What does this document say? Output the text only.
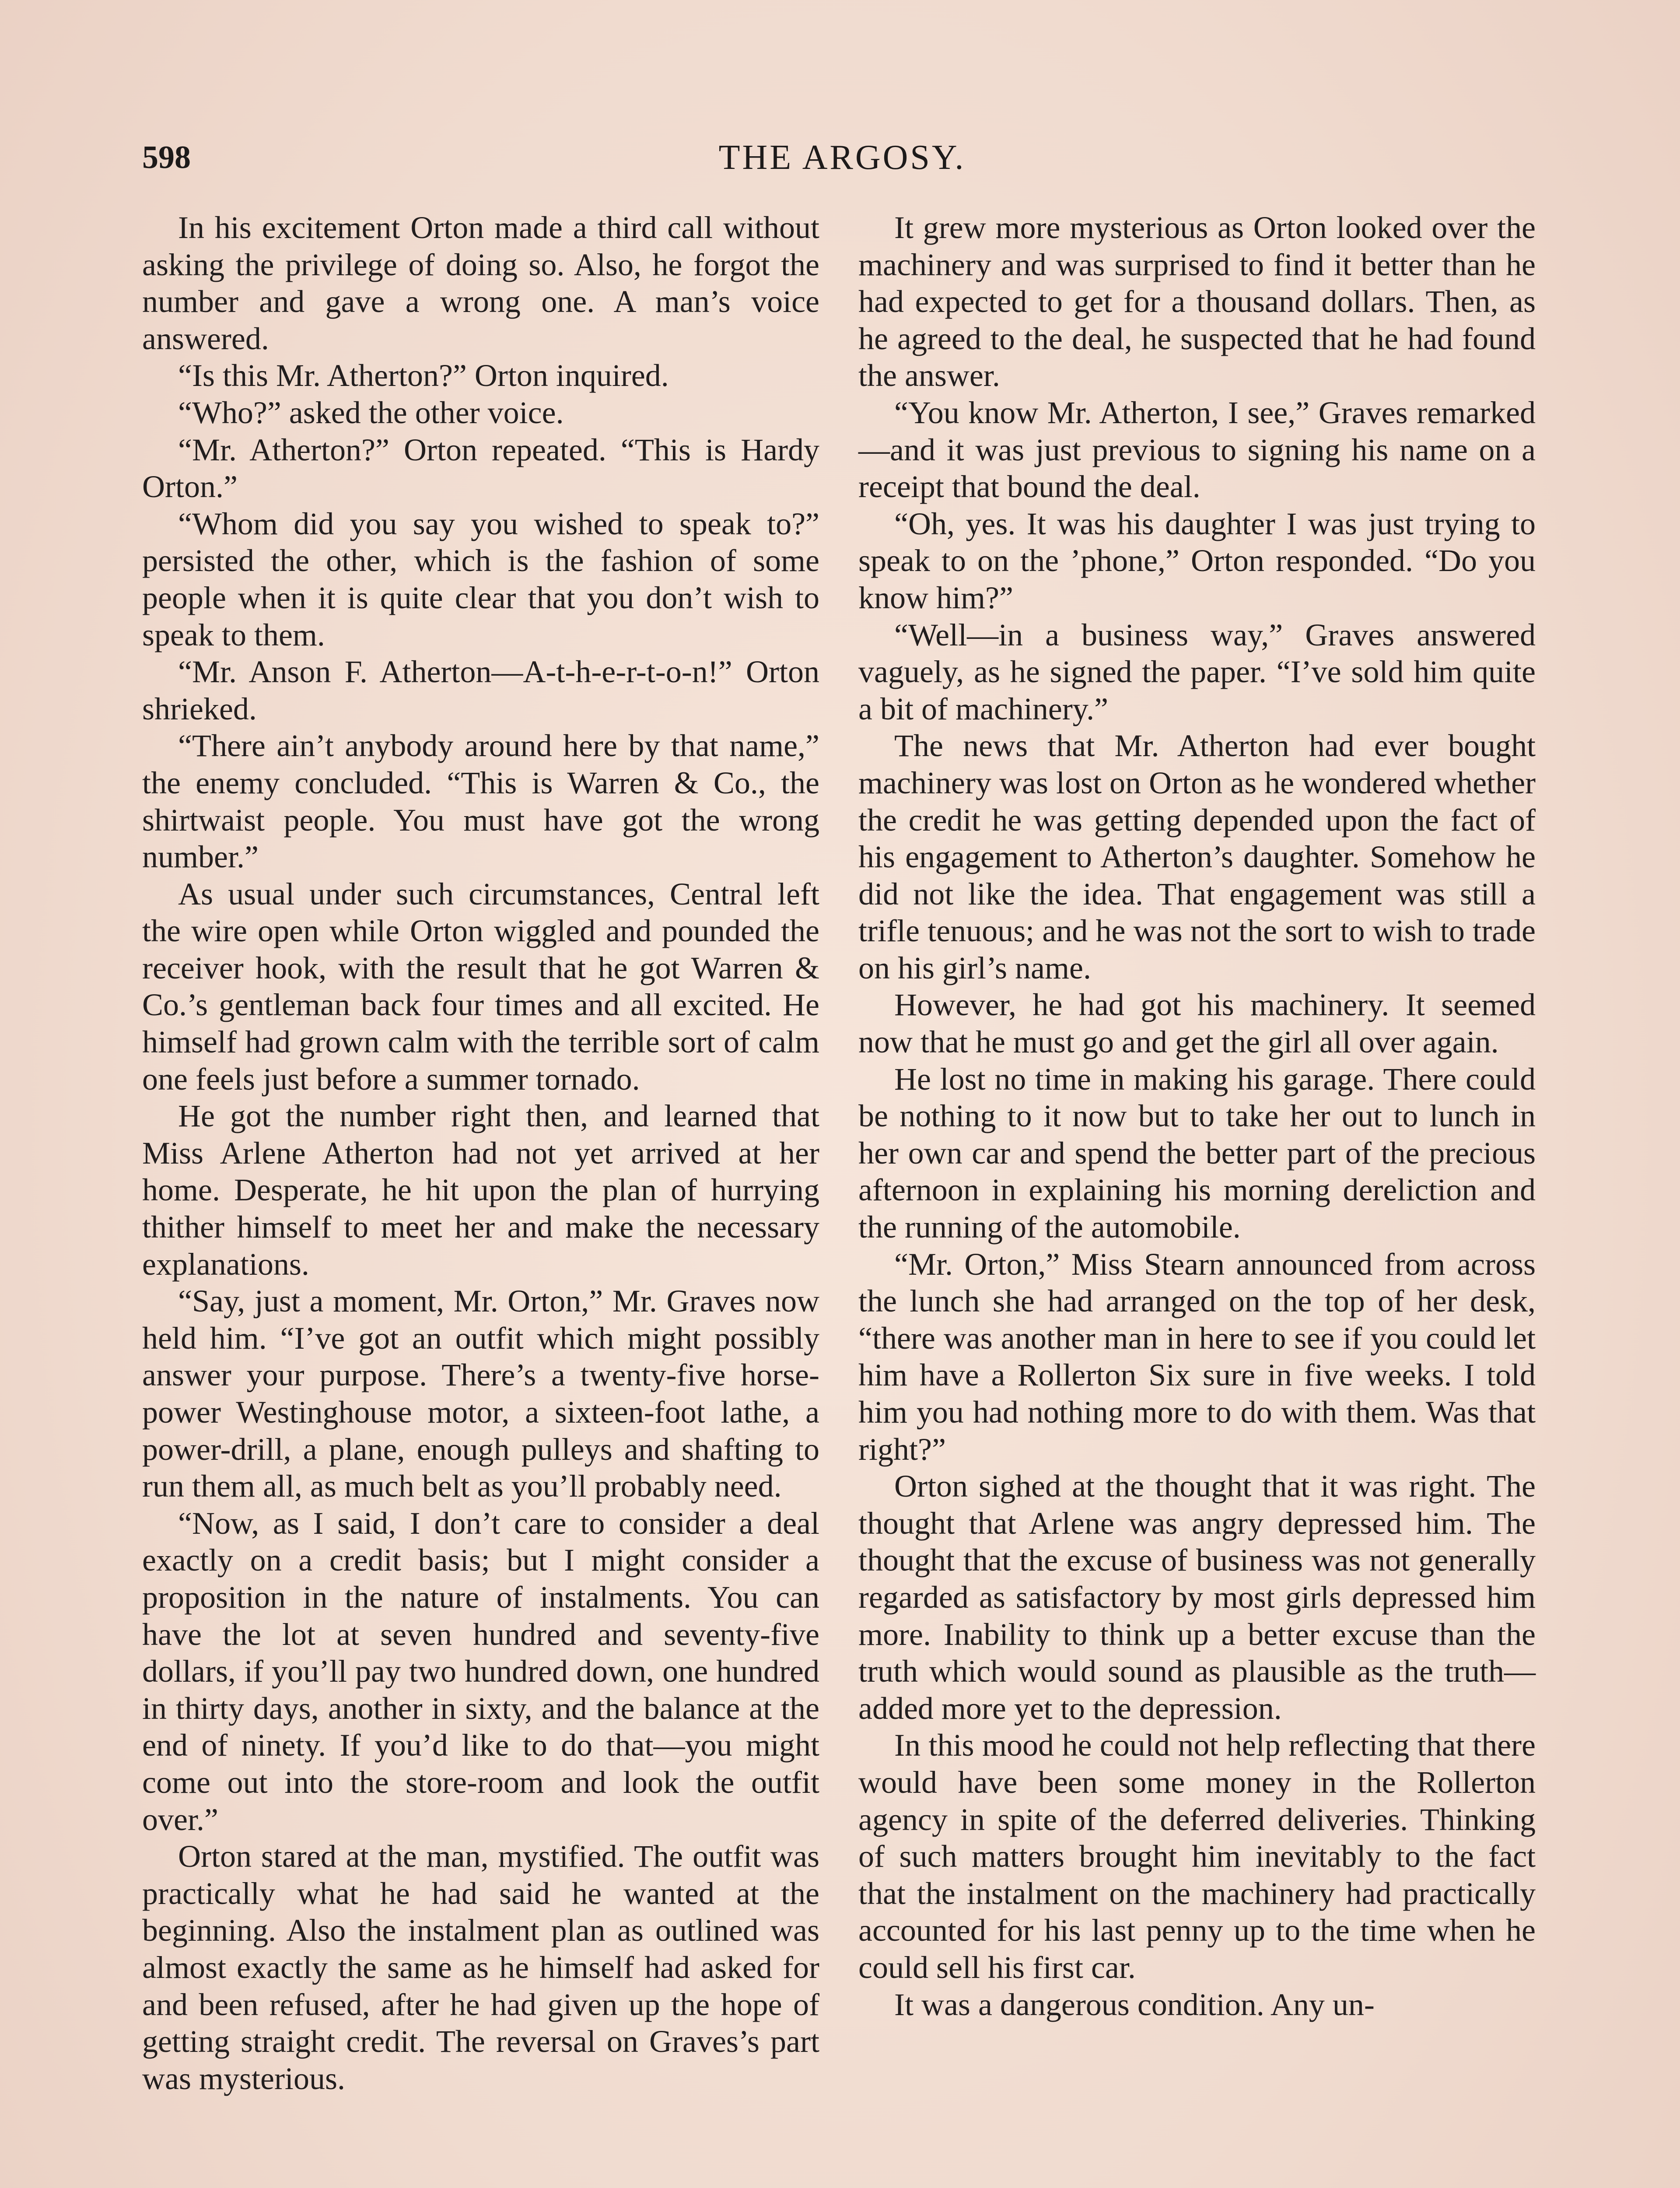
598	THE ARGOSY.

In his excitement Orton made a third call without asking the privilege of doing so. Also, he forgot the number and gave a wrong one. A man’s voice answered.

“Is this Mr. Atherton?” Orton inquired.

“Who?” asked the other voice.

“Mr. Atherton?” Orton repeated. “This is Hardy Orton.”

“Whom did you say you wished to speak to?” persisted the other, which is the fashion of some people when it is quite clear that you don’t wish to speak to them.

“Mr. Anson F. Atherton—A-t-h-e-r-t-o-n!” Orton shrieked.

“There ain’t anybody around here by that name,” the enemy concluded. “This is Warren & Co., the shirtwaist people. You must have got the wrong number.”

As usual under such circumstances, Central left the wire open while Orton wiggled and pounded the receiver hook, with the result that he got Warren & Co.’s gentleman back four times and all excited. He himself had grown calm with the terrible sort of calm one feels just before a summer tornado.

He got the number right then, and learned that Miss Arlene Atherton had not yet arrived at her home. Desperate, he hit upon the plan of hurrying thither himself to meet her and make the necessary explanations.

“Say, just a moment, Mr. Orton,” Mr. Graves now held him. “I’ve got an outfit which might possibly answer your purpose. There’s a twenty-five horse-power Westinghouse motor, a sixteen-foot lathe, a power-drill, a plane, enough pulleys and shafting to run them all, as much belt as you’ll probably need.

“Now, as I said, I don’t care to consider a deal exactly on a credit basis; but I might consider a proposition in the nature of instalments. You can have the lot at seven hundred and seventy-five dollars, if you’ll pay two hundred down, one hundred in thirty days, another in sixty, and the balance at the end of ninety. If you’d like to do that—you might come out into the store-room and look the outfit over.”

Orton stared at the man, mystified. The outfit was practically what he had said he wanted at the beginning. Also the instalment plan as outlined was almost exactly the same as he himself had asked for and been refused, after he had given up the hope of getting straight credit. The reversal on Graves’s part was mysterious.

It grew more mysterious as Orton looked over the machinery and was surprised to find it better than he had expected to get for a thousand dollars. Then, as he agreed to the deal, he suspected that he had found the answer.

“You know Mr. Atherton, I see,” Graves remarked—and it was just previous to signing his name on a receipt that bound the deal.

“Oh, yes. It was his daughter I was just trying to speak to on the ’phone,” Orton responded. “Do you know him?”

“Well—in a business way,” Graves answered vaguely, as he signed the paper. “I’ve sold him quite a bit of machinery.”

The news that Mr. Atherton had ever bought machinery was lost on Orton as he wondered whether the credit he was getting depended upon the fact of his engagement to Atherton’s daughter. Somehow he did not like the idea. That engagement was still a trifle tenuous; and he was not the sort to wish to trade on his girl’s name.

However, he had got his machinery. It seemed now that he must go and get the girl all over again.

He lost no time in making his garage. There could be nothing to it now but to take her out to lunch in her own car and spend the better part of the precious afternoon in explaining his morning dereliction and the running of the automobile.

“Mr. Orton,” Miss Stearn announced from across the lunch she had arranged on the top of her desk, “there was another man in here to see if you could let him have a Rollerton Six sure in five weeks. I told him you had nothing more to do with them. Was that right?”

Orton sighed at the thought that it was right. The thought that Arlene was angry depressed him. The thought that the excuse of business was not generally regarded as satisfactory by most girls depressed him more. Inability to think up a better excuse than the truth which would sound as plausible as the truth—added more yet to the depression.

In this mood he could not help reflecting that there would have been some money in the Rollerton agency in spite of the deferred deliveries. Thinking of such matters brought him inevitably to the fact that the instalment on the machinery had practically accounted for his last penny up to the time when he could sell his first car.

It was a dangerous condition. Any un-
